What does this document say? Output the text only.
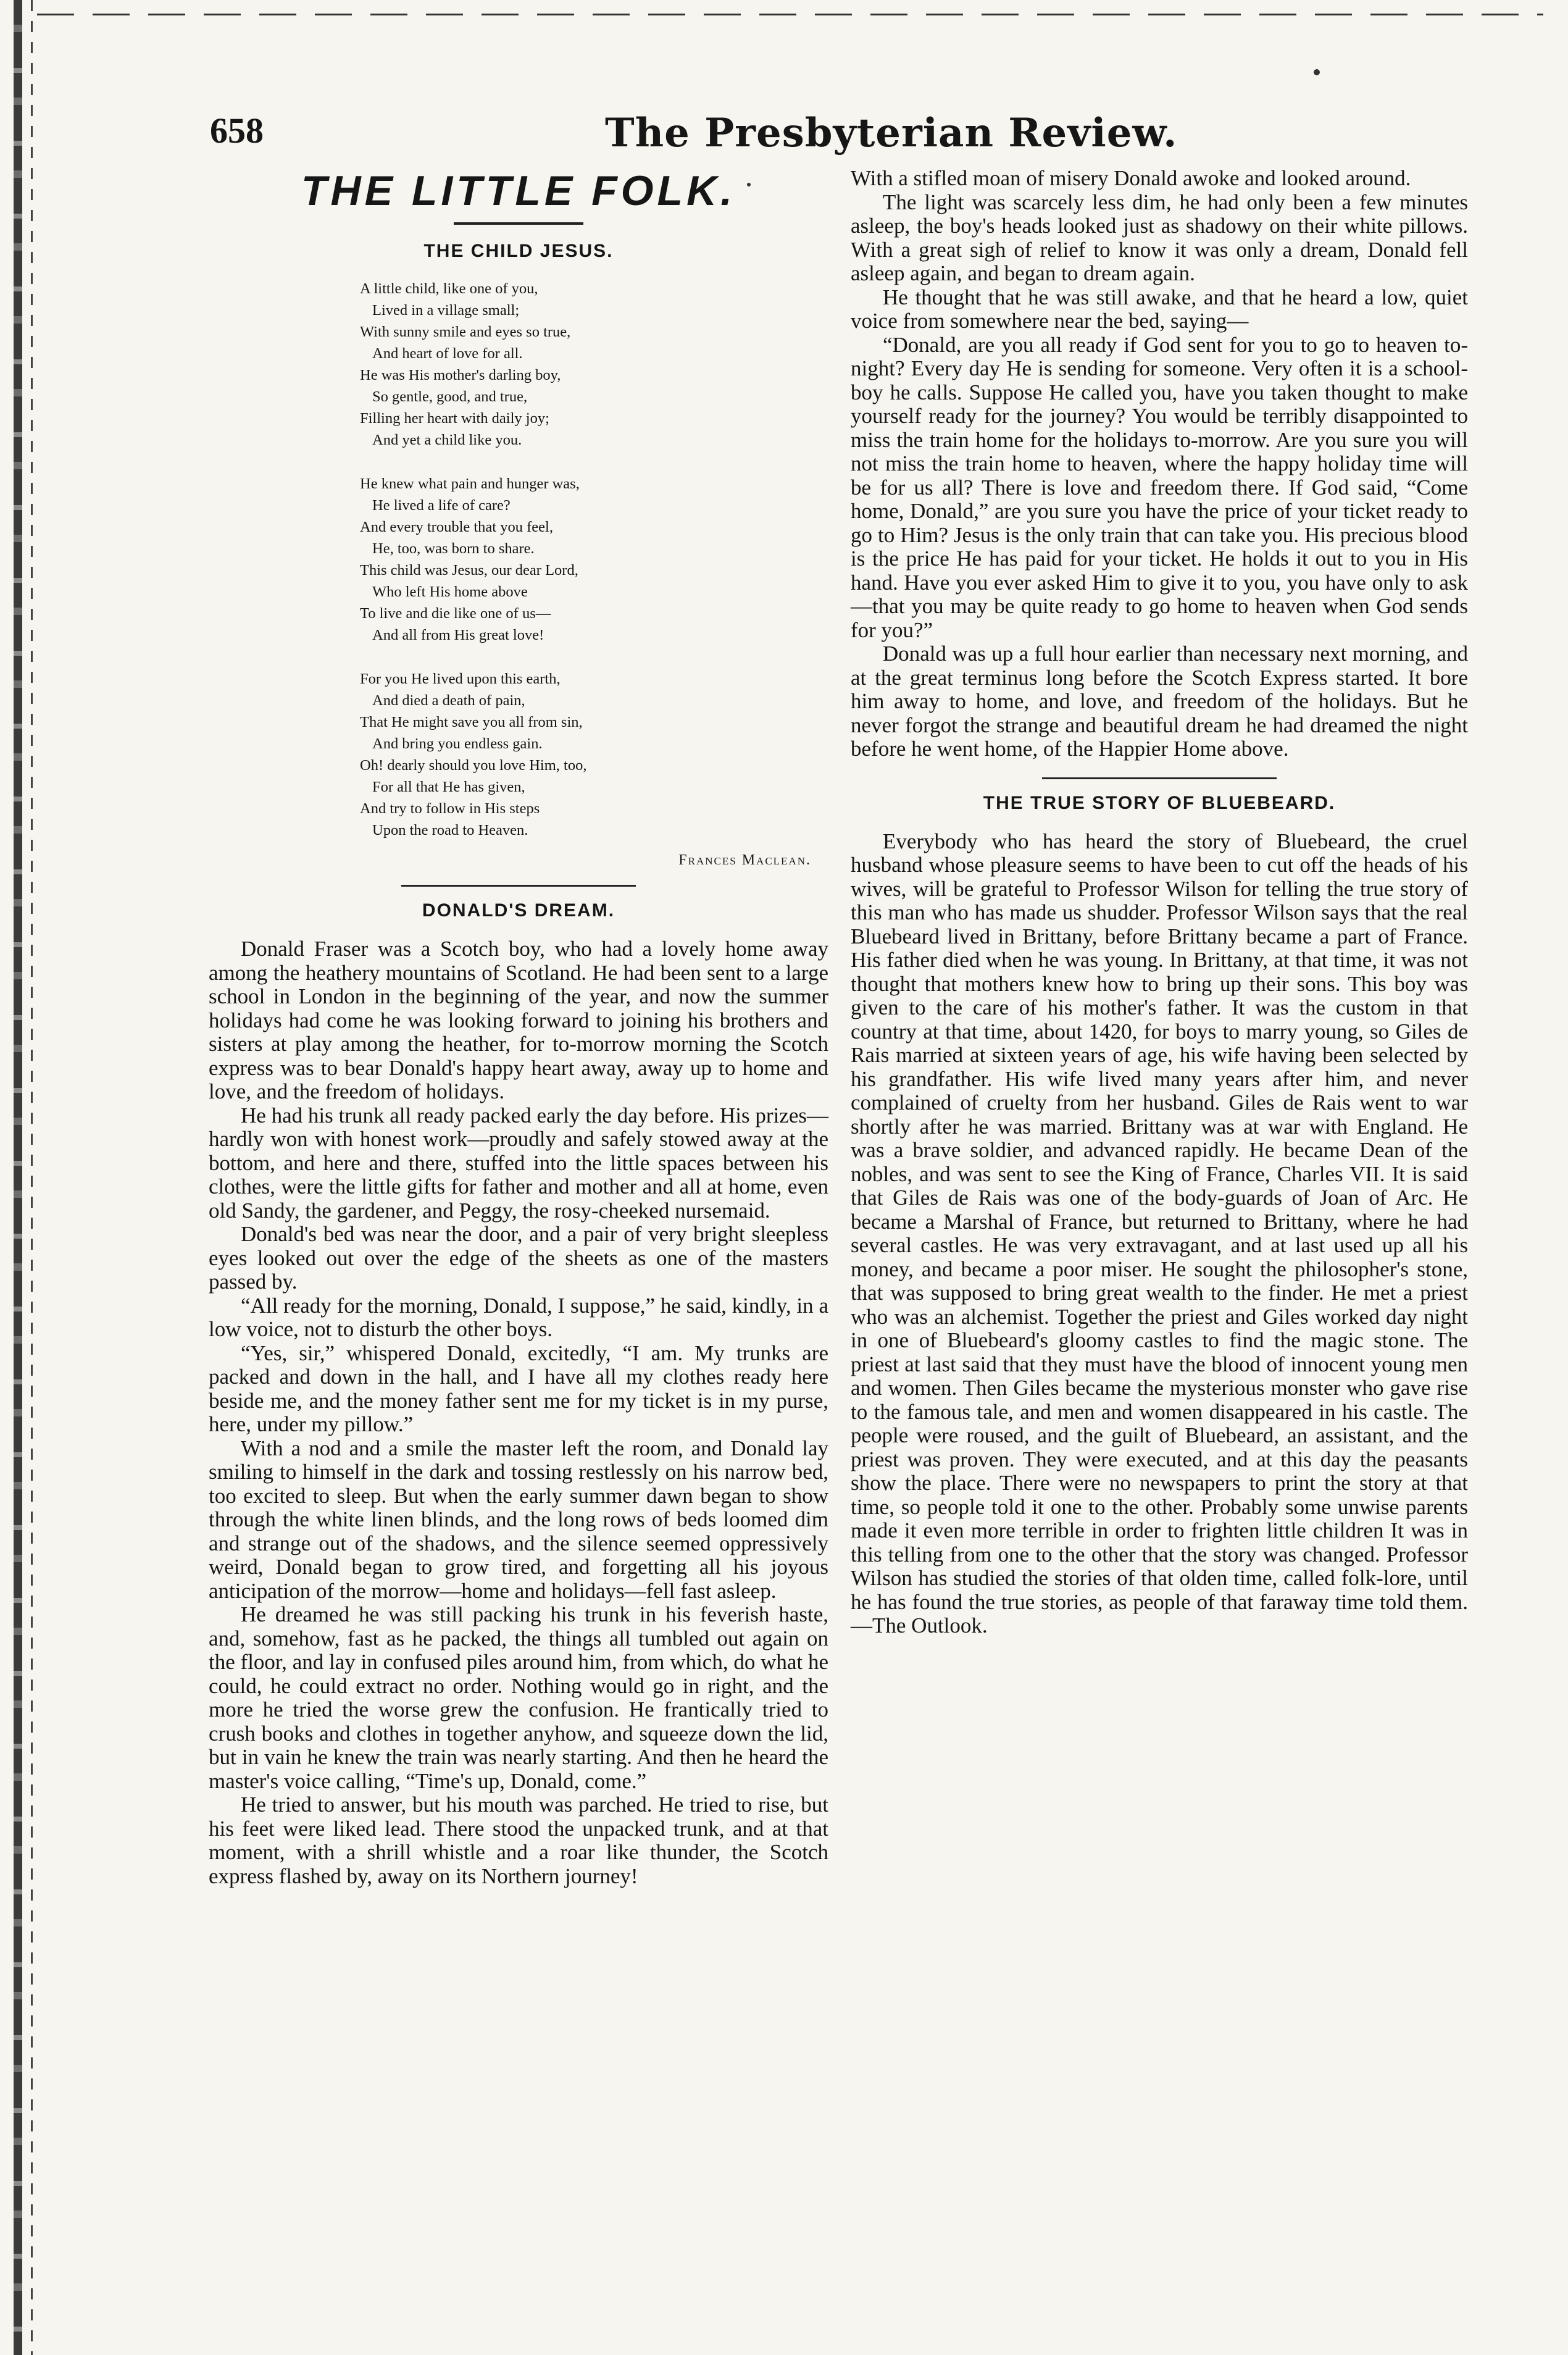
658	The Presbyterian Review.
THE LITTLE FOLK.
THE CHILD JESUS.
A little child, like one of you,
Lived in a village small;
With sunny smile and eyes so true,
And heart of love for all.
He was His mother's darling boy,
So gentle, good, and true,
Filling her heart with daily joy;
And yet a child like you.
He knew what pain and hunger was,
He lived a life of care?
And every trouble that you feel,
He, too, was born to share.
This child was Jesus, our dear Lord,
Who left His home above
To live and die like one of us—
And all from His great love!
For you He lived upon this earth,
And died a death of pain,
That He might save you all from sin,
And bring you endless gain.
Oh! dearly should you love Him, too,
For all that He has given,
And try to follow in His steps
Upon the road to Heaven.
Frances Maclean.
DONALD'S DREAM.

Donald Fraser was a Scotch boy, who had a lovely home away among the heathery mountains of Scotland. He had been sent to a large school in London in the beginning of the year, and now the summer holidays had come he was looking forward to joining his brothers and sisters at play among the heather, for to-morrow morning the Scotch express was to bear Donald's happy heart away, away up to home and love, and the freedom of holidays.

He had his trunk all ready packed early the day before. His prizes—hardly won with honest work—proudly and safely stowed away at the bottom, and here and there, stuffed into the little spaces between his clothes, were the little gifts for father and mother and all at home, even old Sandy, the gardener, and Peggy, the rosy-cheeked nursemaid.

Donald's bed was near the door, and a pair of very bright sleepless eyes looked out over the edge of the sheets as one of the masters passed by.

“All ready for the morning, Donald, I suppose,” he said, kindly, in a low voice, not to disturb the other boys.

“Yes, sir,” whispered Donald, excitedly, “I am. My trunks are packed and down in the hall, and I have all my clothes ready here beside me, and the money father sent me for my ticket is in my purse, here, under my pillow.”

With a nod and a smile the master left the room, and Donald lay smiling to himself in the dark and tossing restlessly on his narrow bed, too excited to sleep. But when the early summer dawn began to show through the white linen blinds, and the long rows of beds loomed dim and strange out of the shadows, and the silence seemed oppressively weird, Donald began to grow tired, and forgetting all his joyous anticipation of the morrow—home and holidays—fell fast asleep.

He dreamed he was still packing his trunk in his feverish haste, and, somehow, fast as he packed, the things all tumbled out again on the floor, and lay in confused piles around him, from which, do what he could, he could extract no order. Nothing would go in right, and the more he tried the worse grew the confusion. He frantically tried to crush books and clothes in together anyhow, and squeeze down the lid, but in vain he knew the train was nearly starting. And then he heard the master's voice calling, “Time's up, Donald, come.”

He tried to answer, but his mouth was parched. He tried to rise, but his feet were liked lead. There stood the unpacked trunk, and at that moment, with a shrill whistle and a roar like thunder, the Scotch express flashed by, away on its Northern journey!

With a stifled moan of misery Donald awoke and looked around.

The light was scarcely less dim, he had only been a few minutes asleep, the boy's heads looked just as shadowy on their white pillows. With a great sigh of relief to know it was only a dream, Donald fell asleep again, and began to dream again.

He thought that he was still awake, and that he heard a low, quiet voice from somewhere near the bed, saying—

“Donald, are you all ready if God sent for you to go to heaven to-night? Every day He is sending for someone. Very often it is a school-boy he calls. Suppose He called you, have you taken thought to make yourself ready for the journey? You would be terribly disappointed to miss the train home for the holidays to-morrow. Are you sure you will not miss the train home to heaven, where the happy holiday time will be for us all? There is love and freedom there. If God said, “Come home, Donald,” are you sure you have the price of your ticket ready to go to Him? Jesus is the only train that can take you. His precious blood is the price He has paid for your ticket. He holds it out to you in His hand. Have you ever asked Him to give it to you, you have only to ask—that you may be quite ready to go home to heaven when God sends for you?”

Donald was up a full hour earlier than necessary next morning, and at the great terminus long before the Scotch Express started. It bore him away to home, and love, and freedom of the holidays. But he never forgot the strange and beautiful dream he had dreamed the night before he went home, of the Happier Home above.

THE TRUE STORY OF BLUEBEARD.

Everybody who has heard the story of Bluebeard, the cruel husband whose pleasure seems to have been to cut off the heads of his wives, will be grateful to Professor Wilson for telling the true story of this man who has made us shudder. Professor Wilson says that the real Bluebeard lived in Brittany, before Brittany became a part of France. His father died when he was young. In Brittany, at that time, it was not thought that mothers knew how to bring up their sons. This boy was given to the care of his mother's father. It was the custom in that country at that time, about 1420, for boys to marry young, so Giles de Rais married at sixteen years of age, his wife having been selected by his grandfather. His wife lived many years after him, and never complained of cruelty from her husband. Giles de Rais went to war shortly after he was married. Brittany was at war with England. He was a brave soldier, and advanced rapidly. He became Dean of the nobles, and was sent to see the King of France, Charles VII. It is said that Giles de Rais was one of the body-guards of Joan of Arc. He became a Marshal of France, but returned to Brittany, where he had several castles. He was very extravagant, and at last used up all his money, and became a poor miser. He sought the philosopher's stone, that was supposed to bring great wealth to the finder. He met a priest who was an alchemist. Together the priest and Giles worked day night in one of Bluebeard's gloomy castles to find the magic stone. The priest at last said that they must have the blood of innocent young men and women. Then Giles became the mysterious monster who gave rise to the famous tale, and men and women disappeared in his castle. The people were roused, and the guilt of Bluebeard, an assistant, and the priest was proven. They were executed, and at this day the peasants show the place. There were no newspapers to print the story at that time, so people told it one to the other. Probably some unwise parents made it even more terrible in order to frighten little children It was in this telling from one to the other that the story was changed. Professor Wilson has studied the stories of that olden time, called folk-lore, until he has found the true stories, as people of that faraway time told them.—The Outlook.
